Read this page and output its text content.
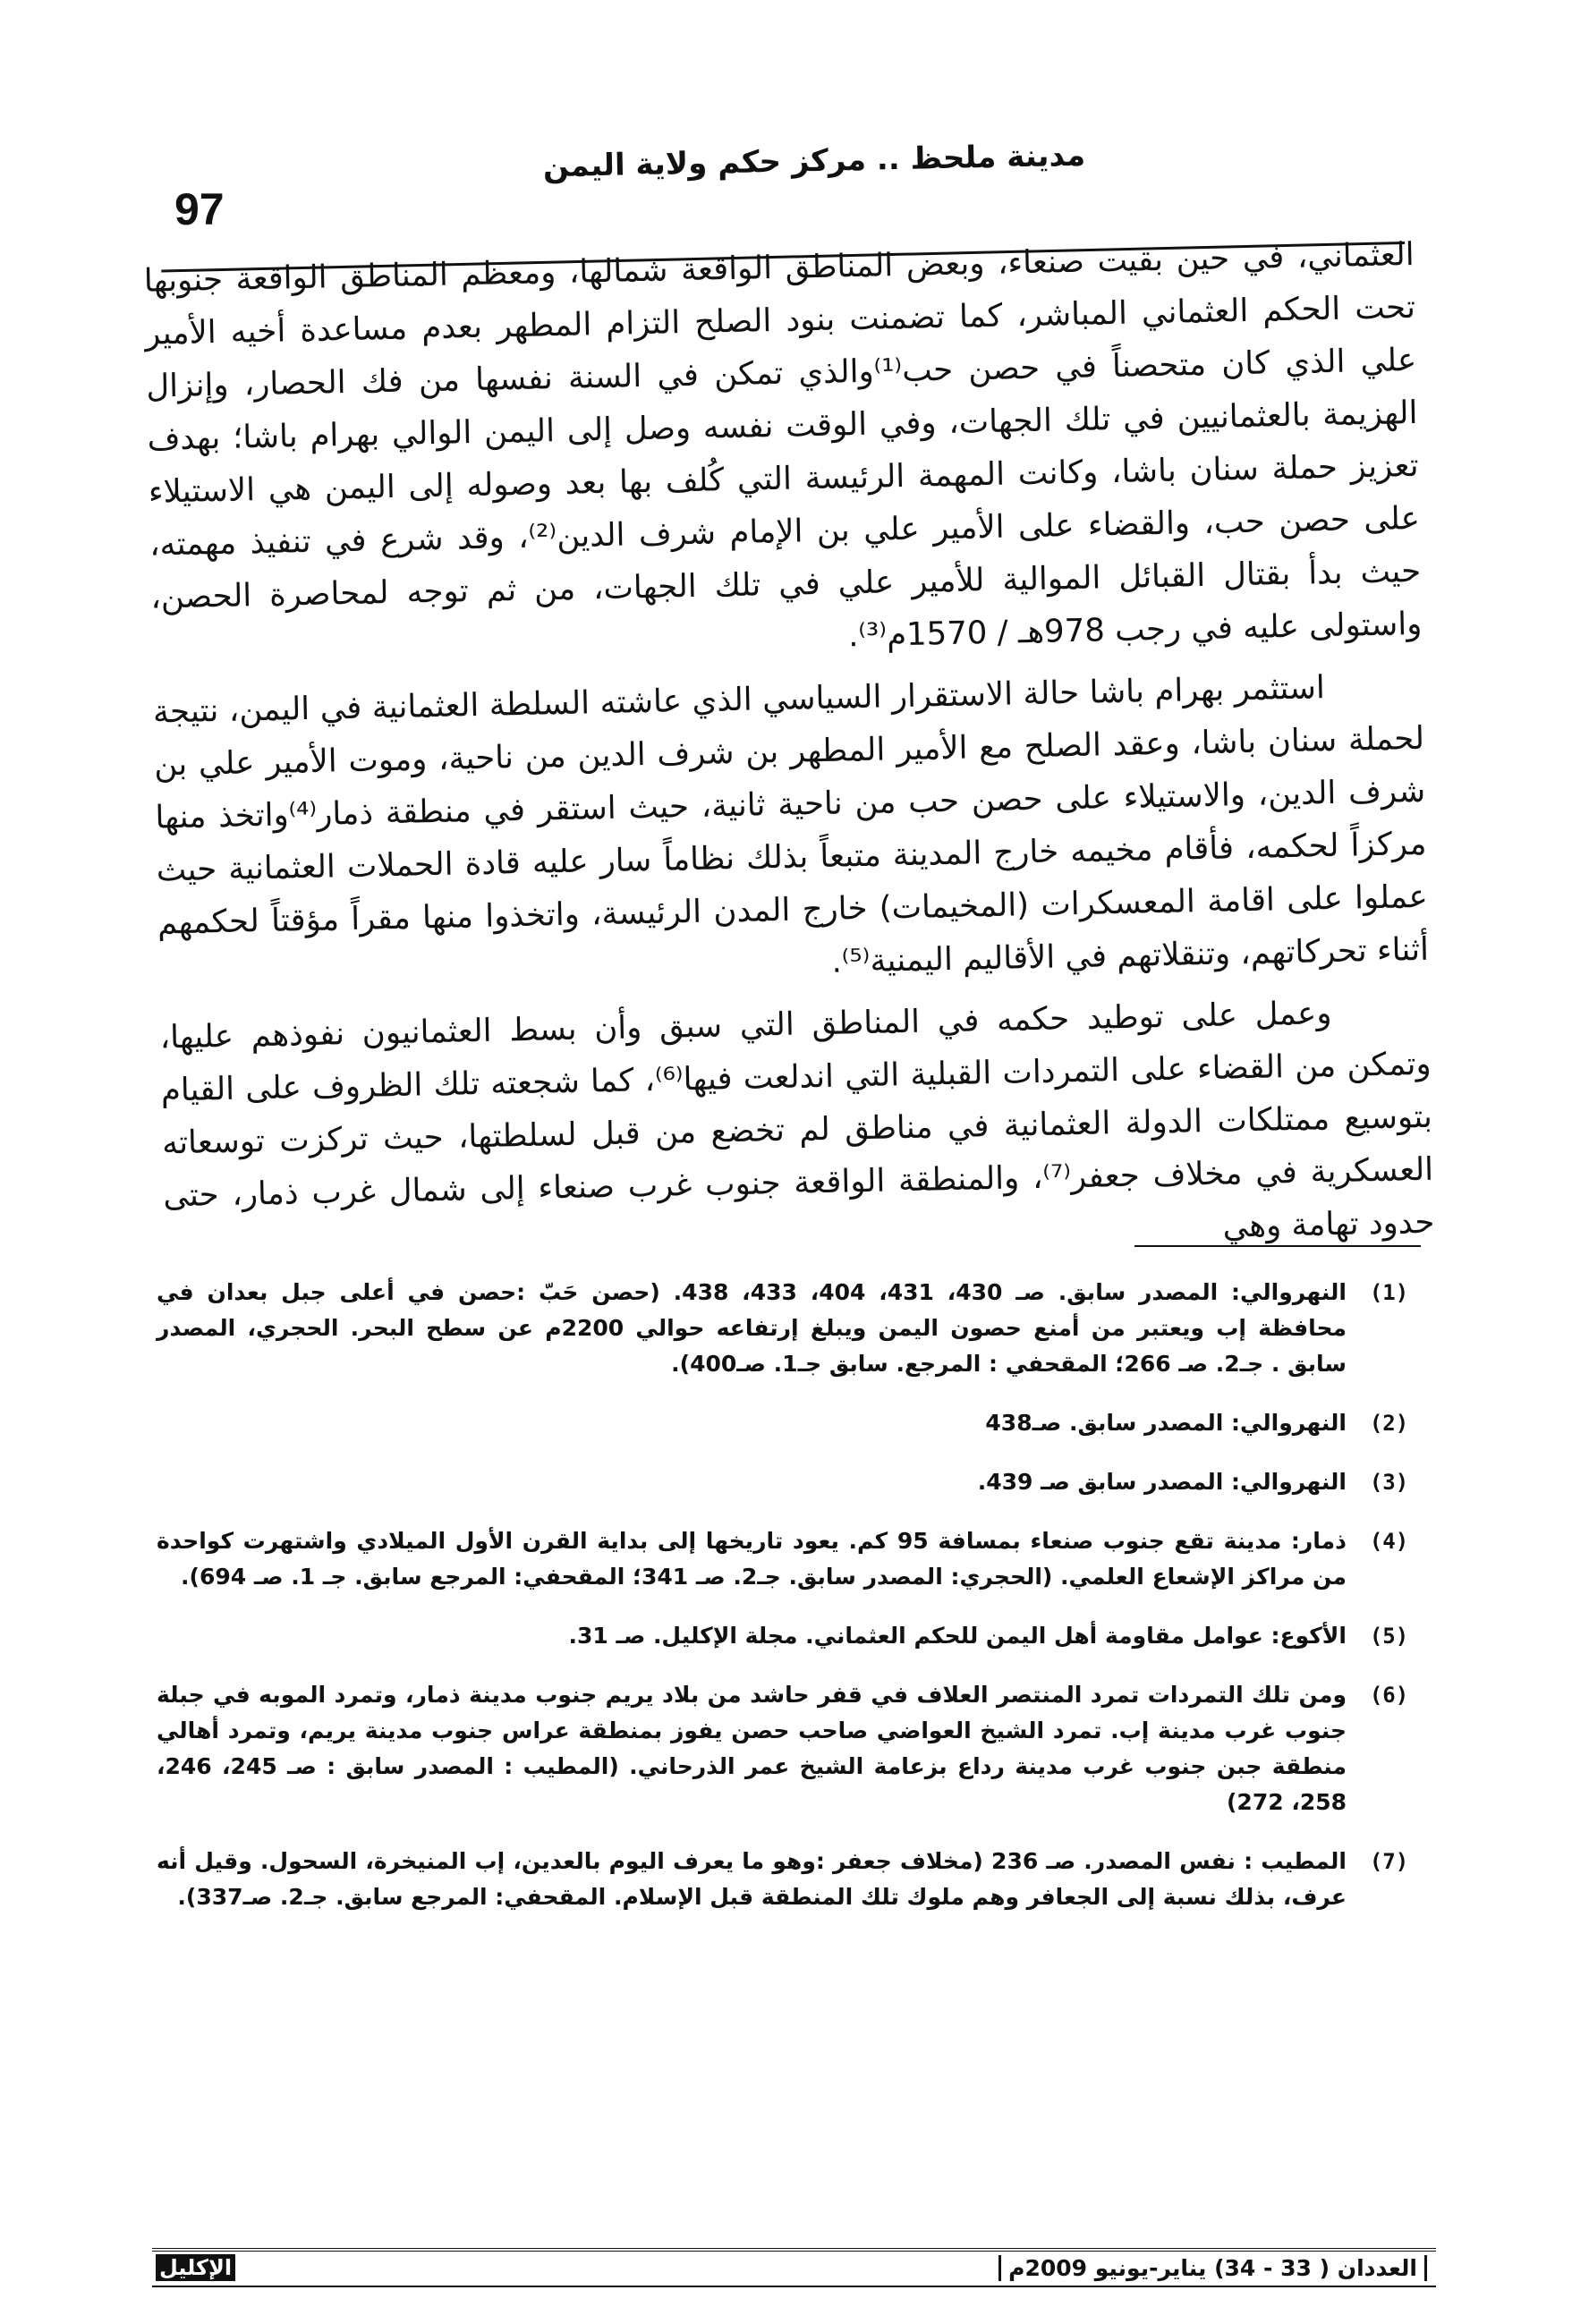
مدينة ملحظ .. مركز حكم ولاية اليمن
97

العثماني، في حين بقيت صنعاء، وبعض المناطق الواقعة شمالها، ومعظم المناطق الواقعة جنوبها تحت الحكم العثماني المباشر، كما تضمنت بنود الصلح التزام المطهر بعدم مساعدة أخيه الأمير علي الذي كان متحصناً في حصن حب⁽¹⁾والذي تمكن في السنة نفسها من فك الحصار، وإنزال الهزيمة بالعثمانيين في تلك الجهات، وفي الوقت نفسه وصل إلى اليمن الوالي بهرام باشا؛ بهدف تعزيز حملة سنان باشا، وكانت المهمة الرئيسة التي كُلف بها بعد وصوله إلى اليمن هي الاستيلاء على حصن حب، والقضاء على الأمير علي بن الإمام شرف الدين⁽²⁾، وقد شرع في تنفيذ مهمته، حيث بدأ بقتال القبائل الموالية للأمير علي في تلك الجهات، من ثم توجه لمحاصرة الحصن، واستولى عليه في رجب 978هـ / 1570م⁽³⁾.

استثمر بهرام باشا حالة الاستقرار السياسي الذي عاشته السلطة العثمانية في اليمن، نتيجة لحملة سنان باشا، وعقد الصلح مع الأمير المطهر بن شرف الدين من ناحية، وموت الأمير علي بن شرف الدين، والاستيلاء على حصن حب من ناحية ثانية، حيث استقر في منطقة ذمار⁽⁴⁾واتخذ منها مركزاً لحكمه، فأقام مخيمه خارج المدينة متبعاً بذلك نظاماً سار عليه قادة الحملات العثمانية حيث عملوا على اقامة المعسكرات (المخيمات) خارج المدن الرئيسة، واتخذوا منها مقراً مؤقتاً لحكمهم أثناء تحركاتهم، وتنقلاتهم في الأقاليم اليمنية⁽⁵⁾.

وعمل على توطيد حكمه في المناطق التي سبق وأن بسط العثمانيون نفوذهم عليها، وتمكن من القضاء على التمردات القبلية التي اندلعت فيها⁽⁶⁾، كما شجعته تلك الظروف على القيام بتوسيع ممتلكات الدولة العثمانية في مناطق لم تخضع من قبل لسلطتها، حيث تركزت توسعاته العسكرية في مخلاف جعفر⁽⁷⁾، والمنطقة الواقعة جنوب غرب صنعاء إلى شمال غرب ذمار، حتى حدود تهامة وهي

(1)
النهروالي: المصدر سابق. صـ 430، 431، 404، 433، 438. (حصن حَبّ :حصن في أعلى جبل بعدان في محافظة إب ويعتبر من أمنع حصون اليمن ويبلغ إرتفاعه حوالي 2200م عن سطح البحر. الحجري، المصدر سابق . جـ2. صـ 266؛ المقحفي : المرجع. سابق جـ1. صـ400).
(2)
النهروالي: المصدر سابق. صـ438
(3)
النهروالي: المصدر سابق صـ 439.
(4)
ذمار: مدينة تقع جنوب صنعاء بمسافة 95 كم. يعود تاريخها إلى بداية القرن الأول الميلادي واشتهرت كواحدة من مراكز الإشعاع العلمي. (الحجري: المصدر سابق. جـ2. صـ 341؛ المقحفي: المرجع سابق. جـ 1. صـ 694).
(5)
الأكوع: عوامل مقاومة أهل اليمن للحكم العثماني. مجلة الإكليل. صـ 31.
(6)
ومن تلك التمردات تمرد المنتصر العلاف في قفر حاشد من بلاد يريم جنوب مدينة ذمار، وتمرد الموبه في جبلة جنوب غرب مدينة إب. تمرد الشيخ العواضي صاحب حصن يفوز بمنطقة عراس جنوب مدينة يريم، وتمرد أهالي منطقة جبن جنوب غرب مدينة رداع بزعامة الشيخ عمر الذرحاني. (المطيب : المصدر سابق : صـ 245، 246، 258، 272)
(7)
المطيب : نفس المصدر. صـ 236 (مخلاف جعفر :وهو ما يعرف اليوم بالعدين، إب المنيخرة، السحول. وقيل أنه عرف، بذلك نسبة إلى الجعافر وهم ملوك تلك المنطقة قبل الإسلام. المقحفي: المرجع سابق. جـ2. صـ337).
العددان ( 33 - 34) يناير-يونيو 2009م
الإكليل
